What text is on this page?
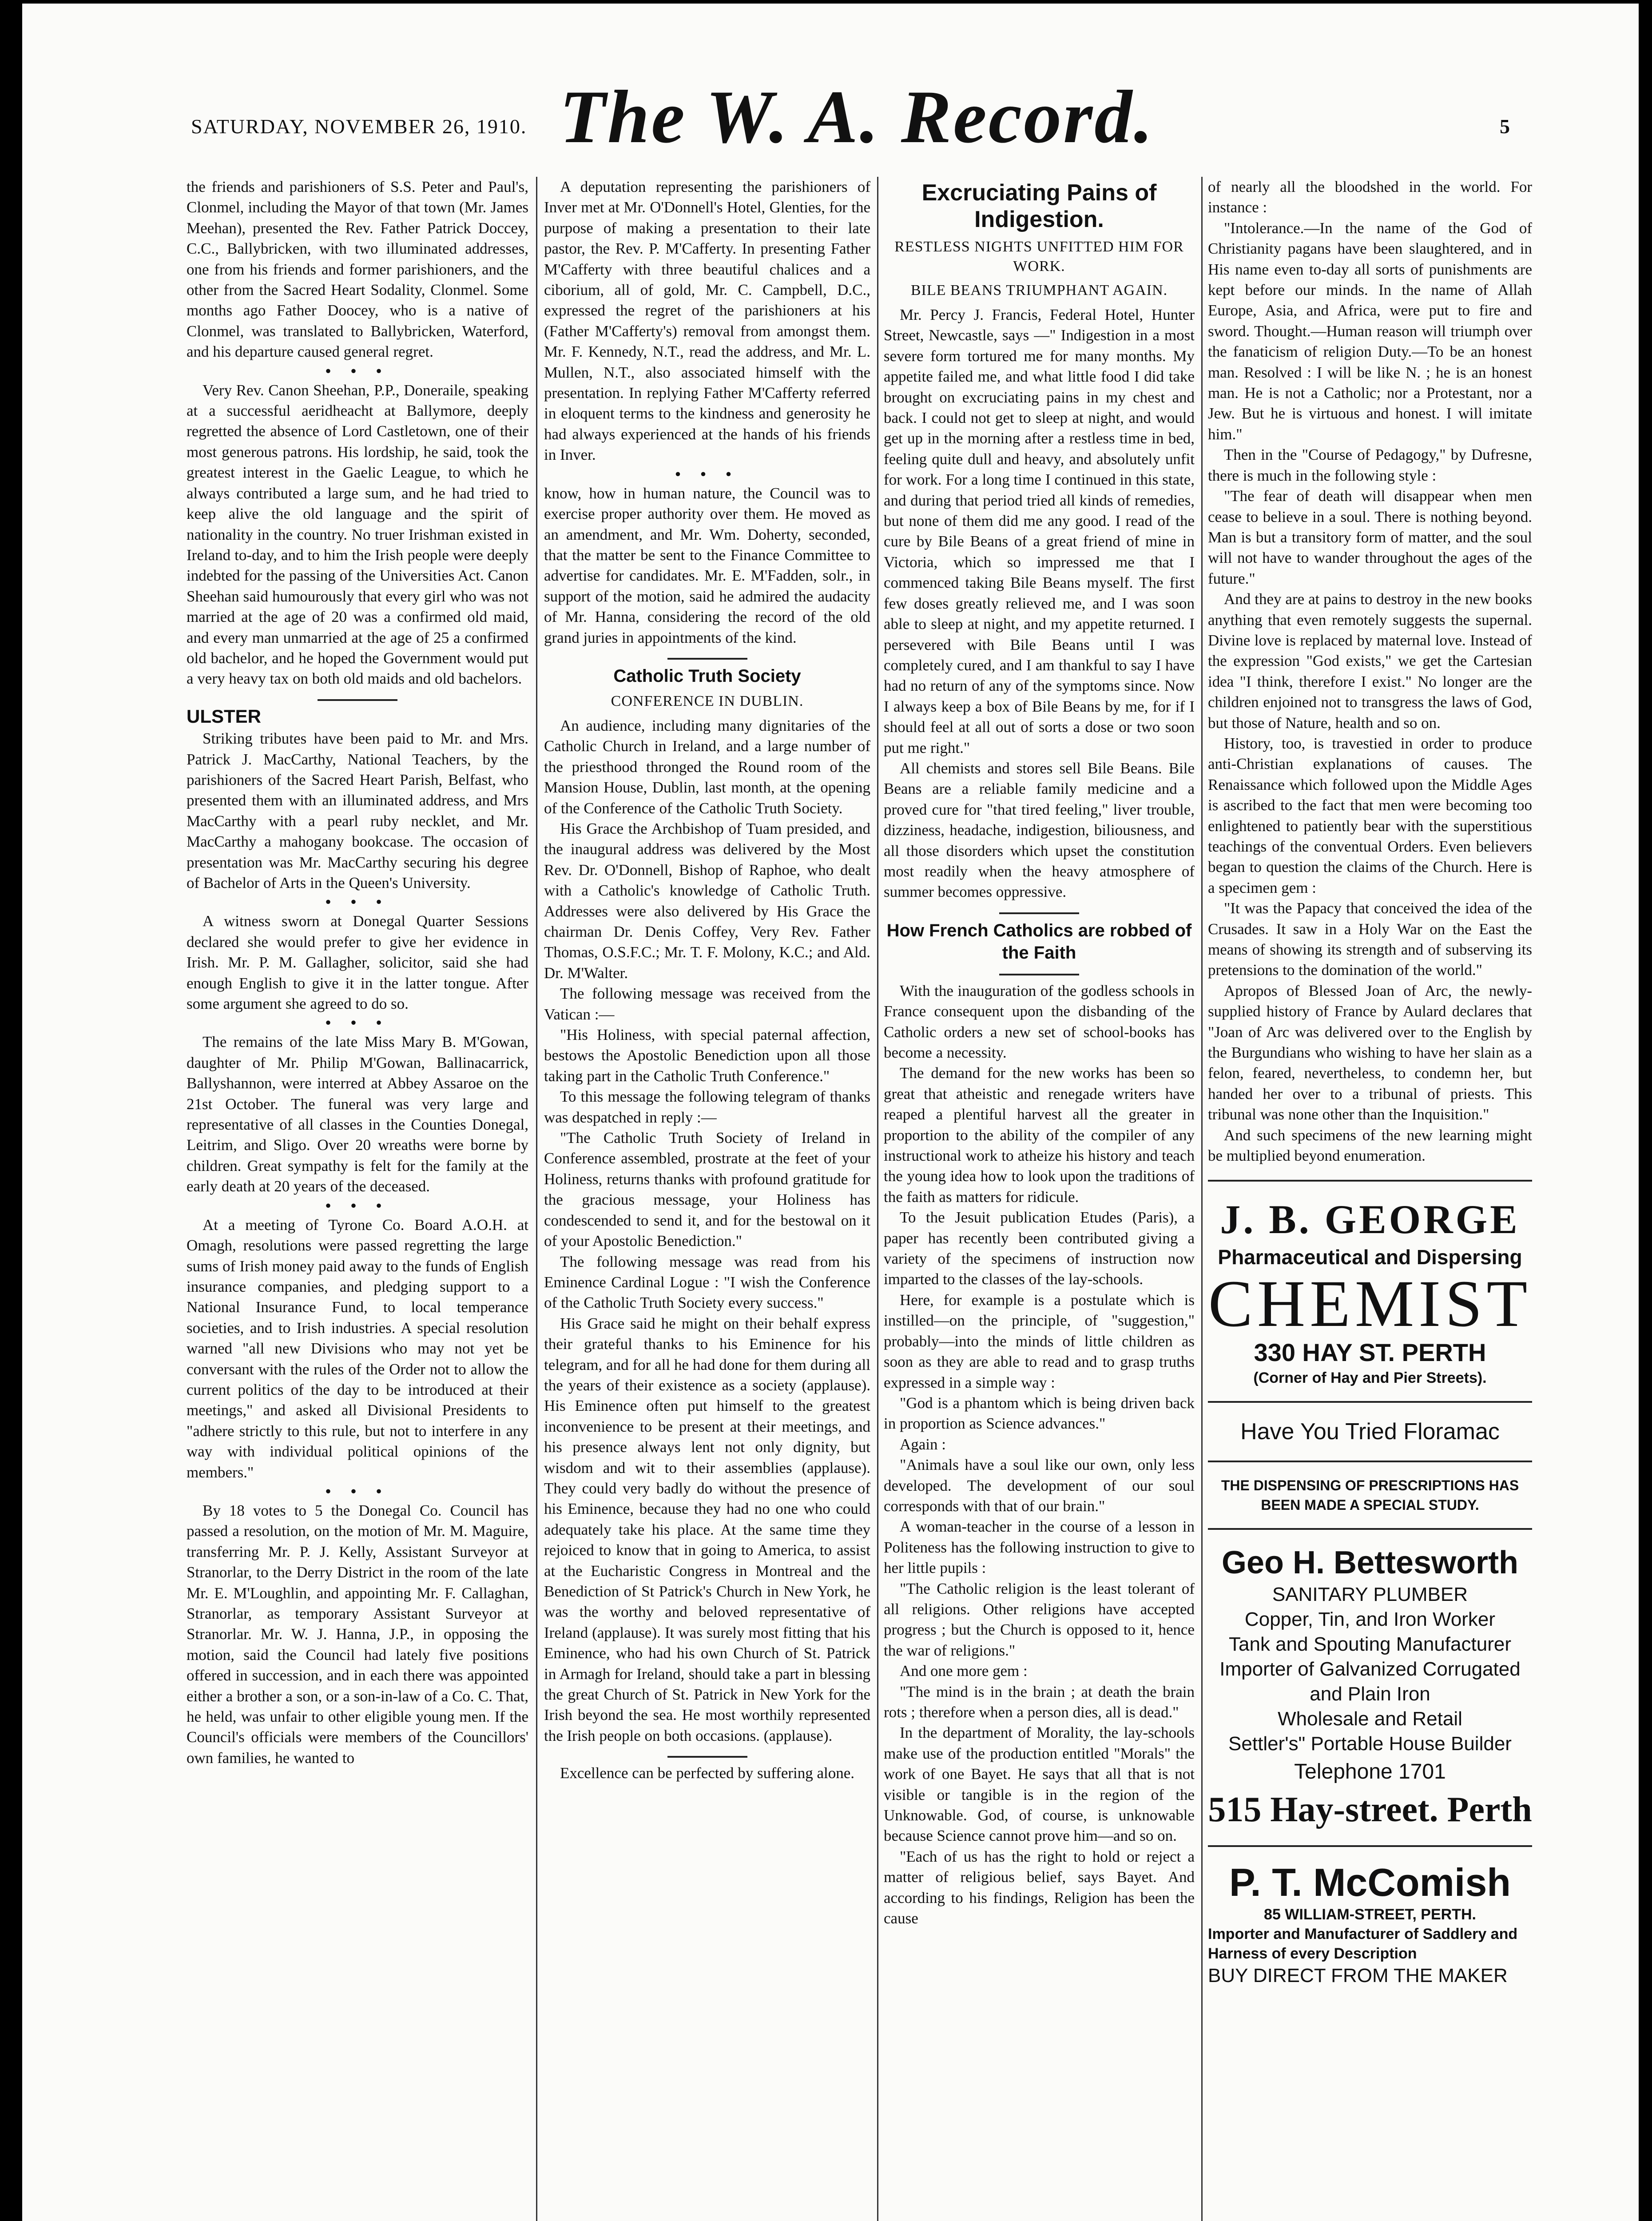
SATURDAY, NOVEMBER 26, 1910. The W. A. Record.	5

the friends and parishioners of S.S. Peter and Paul's, Clonmel, including the Mayor of that town (Mr. James Meehan), presented the Rev. Father Patrick Doccey, C.C., Ballybricken, with two illuminated addresses, one from his friends and former parishioners, and the other from the Sacred Heart Sodality, Clonmel. Some months ago Father Doocey, who is a native of Clonmel, was translated to Ballybricken, Waterford, and his departure caused general regret.

• • •

Very Rev. Canon Sheehan, P.P., Doneraile, speaking at a successful aeridheacht at Ballymore, deeply regretted the absence of Lord Castletown, one of their most generous patrons. His lordship, he said, took the greatest interest in the Gaelic League, to which he always contributed a large sum, and he had tried to keep alive the old language and the spirit of nationality in the country. No truer Irishman existed in Ireland to-day, and to him the Irish people were deeply indebted for the passing of the Universities Act. Canon Sheehan said humourously that every girl who was not married at the age of 20 was a confirmed old maid, and every man unmarried at the age of 25 a confirmed old bachelor, and he hoped the Government would put a very heavy tax on both old maids and old bachelors.

ULSTER

Striking tributes have been paid to Mr. and Mrs. Patrick J. MacCarthy, National Teachers, by the parishioners of the Sacred Heart Parish, Belfast, who presented them with an illuminated address, and Mrs MacCarthy with a pearl ruby necklet, and Mr. MacCarthy a mahogany bookcase. The occasion of presentation was Mr. MacCarthy securing his degree of Bachelor of Arts in the Queen's University.

• • •

A witness sworn at Donegal Quarter Sessions declared she would prefer to give her evidence in Irish. Mr. P. M. Gallagher, solicitor, said she had enough English to give it in the latter tongue. After some argument she agreed to do so.

• • •

The remains of the late Miss Mary B. M'Gowan, daughter of Mr. Philip M'Gowan, Ballinacarrick, Ballyshannon, were interred at Abbey Assaroe on the 21st October. The funeral was very large and representative of all classes in the Counties Donegal, Leitrim, and Sligo. Over 20 wreaths were borne by children. Great sympathy is felt for the family at the early death at 20 years of the deceased.

• • •

At a meeting of Tyrone Co. Board A.O.H. at Omagh, resolutions were passed regretting the large sums of Irish money paid away to the funds of English insurance companies, and pledging support to a National Insurance Fund, to local temperance societies, and to Irish industries. A special resolution warned "all new Divisions who may not yet be conversant with the rules of the Order not to allow the current politics of the day to be introduced at their meetings," and asked all Divisional Presidents to "adhere strictly to this rule, but not to interfere in any way with individual political opinions of the members."

• • •

By 18 votes to 5 the Donegal Co. Council has passed a resolution, on the motion of Mr. M. Maguire, transferring Mr. P. J. Kelly, Assistant Surveyor at Stranorlar, to the Derry District in the room of the late Mr. E. M'Loughlin, and appointing Mr. F. Callaghan, Stranorlar, as temporary Assistant Surveyor at Stranorlar. Mr. W. J. Hanna, J.P., in opposing the motion, said the Council had lately five positions offered in succession, and in each there was appointed either a brother a son, or a son-in-law of a Co. C. That, he held, was unfair to other eligible young men. If the Council's officials were members of the Councillors' own families, he wanted to

A deputation representing the parishioners of Inver met at Mr. O'Donnell's Hotel, Glenties, for the purpose of making a presentation to their late pastor, the Rev. P. M'Cafferty. In presenting Father M'Cafferty with three beautiful chalices and a ciborium, all of gold, Mr. C. Campbell, D.C., expressed the regret of the parishioners at his (Father M'Cafferty's) removal from amongst them. Mr. F. Kennedy, N.T., read the address, and Mr. L. Mullen, N.T., also associated himself with the presentation. In replying Father M'Cafferty referred in eloquent terms to the kindness and generosity he had always experienced at the hands of his friends in Inver.

• • •

know, how in human nature, the Council was to exercise proper authority over them. He moved as an amendment, and Mr. Wm. Doherty, seconded, that the matter be sent to the Finance Committee to advertise for candidates. Mr. E. M'Fadden, solr., in support of the motion, said he admired the audacity of Mr. Hanna, considering the record of the old grand juries in appointments of the kind.

Catholic Truth Society
CONFERENCE IN DUBLIN.

An audience, including many dignitaries of the Catholic Church in Ireland, and a large number of the priesthood thronged the Round room of the Mansion House, Dublin, last month, at the opening of the Conference of the Catholic Truth Society.

His Grace the Archbishop of Tuam presided, and the inaugural address was delivered by the Most Rev. Dr. O'Donnell, Bishop of Raphoe, who dealt with a Catholic's knowledge of Catholic Truth. Addresses were also delivered by His Grace the chairman Dr. Denis Coffey, Very Rev. Father Thomas, O.S.F.C.; Mr. T. F. Molony, K.C.; and Ald. Dr. M'Walter.

The following message was received from the Vatican :—

"His Holiness, with special paternal affection, bestows the Apostolic Benediction upon all those taking part in the Catholic Truth Conference."

To this message the following telegram of thanks was despatched in reply :—

"The Catholic Truth Society of Ireland in Conference assembled, prostrate at the feet of your Holiness, returns thanks with profound gratitude for the gracious message, your Holiness has condescended to send it, and for the bestowal on it of your Apostolic Benediction."

The following message was read from his Eminence Cardinal Logue : "I wish the Conference of the Catholic Truth Society every success."

His Grace said he might on their behalf express their grateful thanks to his Eminence for his telegram, and for all he had done for them during all the years of their existence as a society (applause). His Eminence often put himself to the greatest inconvenience to be present at their meetings, and his presence always lent not only dignity, but wisdom and wit to their assemblies (applause). They could very badly do without the presence of his Eminence, because they had no one who could adequately take his place. At the same time they rejoiced to know that in going to America, to assist at the Eucharistic Congress in Montreal and the Benediction of St Patrick's Church in New York, he was the worthy and beloved representative of Ireland (applause). It was surely most fitting that his Eminence, who had his own Church of St. Patrick in Armagh for Ireland, should take a part in blessing the great Church of St. Patrick in New York for the Irish beyond the sea. He most worthily represented the Irish people on both occasions. (applause).

Excellence can be perfected by suffering alone.

Excruciating Pains of Indigestion.
RESTLESS NIGHTS UNFITTED HIM FOR WORK.
BILE BEANS TRIUMPHANT AGAIN.

Mr. Percy J. Francis, Federal Hotel, Hunter Street, Newcastle, says —" Indigestion in a most severe form tortured me for many months. My appetite failed me, and what little food I did take brought on excruciating pains in my chest and back. I could not get to sleep at night, and would get up in the morning after a restless time in bed, feeling quite dull and heavy, and absolutely unfit for work. For a long time I continued in this state, and during that period tried all kinds of remedies, but none of them did me any good. I read of the cure by Bile Beans of a great friend of mine in Victoria, which so impressed me that I commenced taking Bile Beans myself. The first few doses greatly relieved me, and I was soon able to sleep at night, and my appetite returned. I persevered with Bile Beans until I was completely cured, and I am thankful to say I have had no return of any of the symptoms since. Now I always keep a box of Bile Beans by me, for if I should feel at all out of sorts a dose or two soon put me right."

All chemists and stores sell Bile Beans. Bile Beans are a reliable family medicine and a proved cure for "that tired feeling," liver trouble, dizziness, headache, indigestion, biliousness, and all those disorders which upset the constitution most readily when the heavy atmosphere of summer becomes oppressive.

How French Catholics are robbed of the Faith

With the inauguration of the godless schools in France consequent upon the disbanding of the Catholic orders a new set of school-books has become a necessity.

The demand for the new works has been so great that atheistic and renegade writers have reaped a plentiful harvest all the greater in proportion to the ability of the compiler of any instructional work to atheize his history and teach the young idea how to look upon the traditions of the faith as matters for ridicule.

To the Jesuit publication Etudes (Paris), a paper has recently been contributed giving a variety of the specimens of instruction now imparted to the classes of the lay-schools.

Here, for example is a postulate which is instilled—on the principle, of "suggestion," probably—into the minds of little children as soon as they are able to read and to grasp truths expressed in a simple way :

"God is a phantom which is being driven back in proportion as Science advances."

Again :

"Animals have a soul like our own, only less developed. The development of our soul corresponds with that of our brain."

A woman-teacher in the course of a lesson in Politeness has the following instruction to give to her little pupils :

"The Catholic religion is the least tolerant of all religions. Other religions have accepted progress ; but the Church is opposed to it, hence the war of religions."

And one more gem :

"The mind is in the brain ; at death the brain rots ; therefore when a person dies, all is dead."

In the department of Morality, the lay-schools make use of the production entitled "Morals" the work of one Bayet. He says that all that is not visible or tangible is in the region of the Unknowable. God, of course, is unknowable because Science cannot prove him—and so on.

"Each of us has the right to hold or reject a matter of religious belief, says Bayet. And according to his findings, Religion has been the cause

of nearly all the bloodshed in the world. For instance :

"Intolerance.—In the name of the God of Christianity pagans have been slaughtered, and in His name even to-day all sorts of punishments are kept before our minds. In the name of Allah Europe, Asia, and Africa, were put to fire and sword. Thought.—Human reason will triumph over the fanaticism of religion Duty.—To be an honest man. Resolved : I will be like N. ; he is an honest man. He is not a Catholic; nor a Protestant, nor a Jew. But he is virtuous and honest. I will imitate him."

Then in the "Course of Pedagogy," by Dufresne, there is much in the following style :

"The fear of death will disappear when men cease to believe in a soul. There is nothing beyond. Man is but a transitory form of matter, and the soul will not have to wander throughout the ages of the future."

And they are at pains to destroy in the new books anything that even remotely suggests the supernal. Divine love is replaced by maternal love. Instead of the expression "God exists," we get the Cartesian idea "I think, therefore I exist." No longer are the children enjoined not to transgress the laws of God, but those of Nature, health and so on.

History, too, is travestied in order to produce anti-Christian explanations of causes. The Renaissance which followed upon the Middle Ages is ascribed to the fact that men were becoming too enlightened to patiently bear with the superstitious teachings of the conventual Orders. Even believers began to question the claims of the Church. Here is a specimen gem :

"It was the Papacy that conceived the idea of the Crusades. It saw in a Holy War on the East the means of showing its strength and of subserving its pretensions to the domination of the world."

Apropos of Blessed Joan of Arc, the newly-supplied history of France by Aulard declares that "Joan of Arc was delivered over to the English by the Burgundians who wishing to have her slain as a felon, feared, nevertheless, to condemn her, but handed her over to a tribunal of priests. This tribunal was none other than the Inquisition."

And such specimens of the new learning might be multiplied beyond enumeration.

J. B. GEORGE
Pharmaceutical and Dispersing
CHEMIST
330 HAY ST. PERTH
(Corner of Hay and Pier Streets).
Have You Tried Floramac
THE DISPENSING OF PRESCRIPTIONS HAS BEEN MADE A SPECIAL STUDY.
Geo H. Bettesworth
SANITARY PLUMBER
Copper, Tin, and Iron Worker
Tank and Spouting Manufacturer
Importer of Galvanized Corrugated
and Plain Iron
Wholesale and Retail
Settler's" Portable House Builder
Telephone 1701
515 Hay-street. Perth
P. T. McComish
85 WILLIAM-STREET, PERTH.
Importer and Manufacturer of Saddlery and Harness of every Description
BUY DIRECT FROM THE MAKER
